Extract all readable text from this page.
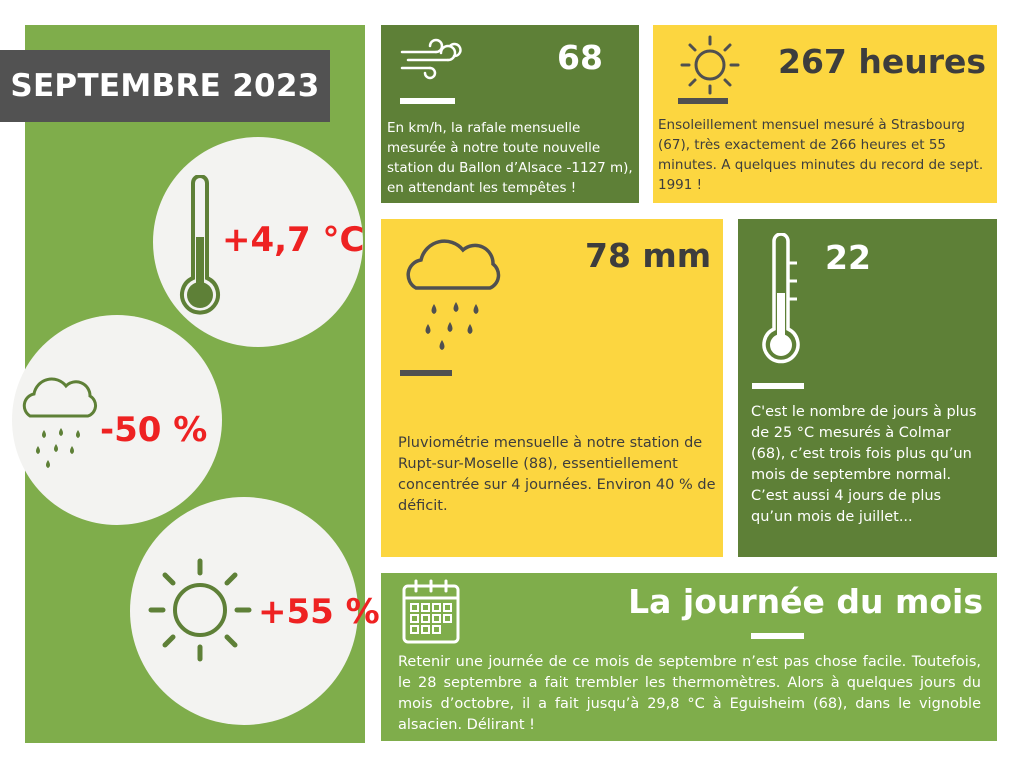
SEPTEMBRE 2023
+4,7 °C
-50 %
+55 %
68
En km/h, la rafale mensuelle mesurée à notre toute nouvelle station du Ballon d’Alsace -1127 m), en attendant les tempêtes !
267 heures
Ensoleillement mensuel mesuré à Strasbourg (67), très exactement de 266 heures et 55 minutes. A quelques minutes du record de sept. 1991 !
78 mm
Pluviométrie mensuelle à notre station de Rupt-sur-Moselle (88), essentiellement concentrée sur 4 journées. Environ 40 % de déficit.
22
C'est le nombre de jours à plus de 25 °C mesurés à Colmar (68), c’est trois fois plus qu’un mois de septembre normal. C’est aussi 4 jours de plus qu’un mois de juillet...
La journée du mois
Retenir une journée de ce mois de septembre n’est pas chose facile. Toutefois, le 28 septembre a fait trembler les thermomètres. Alors à quelques jours du mois d’octobre, il a fait jusqu’à 29,8 °C à Eguisheim (68), dans le vignoble alsacien. Délirant !
